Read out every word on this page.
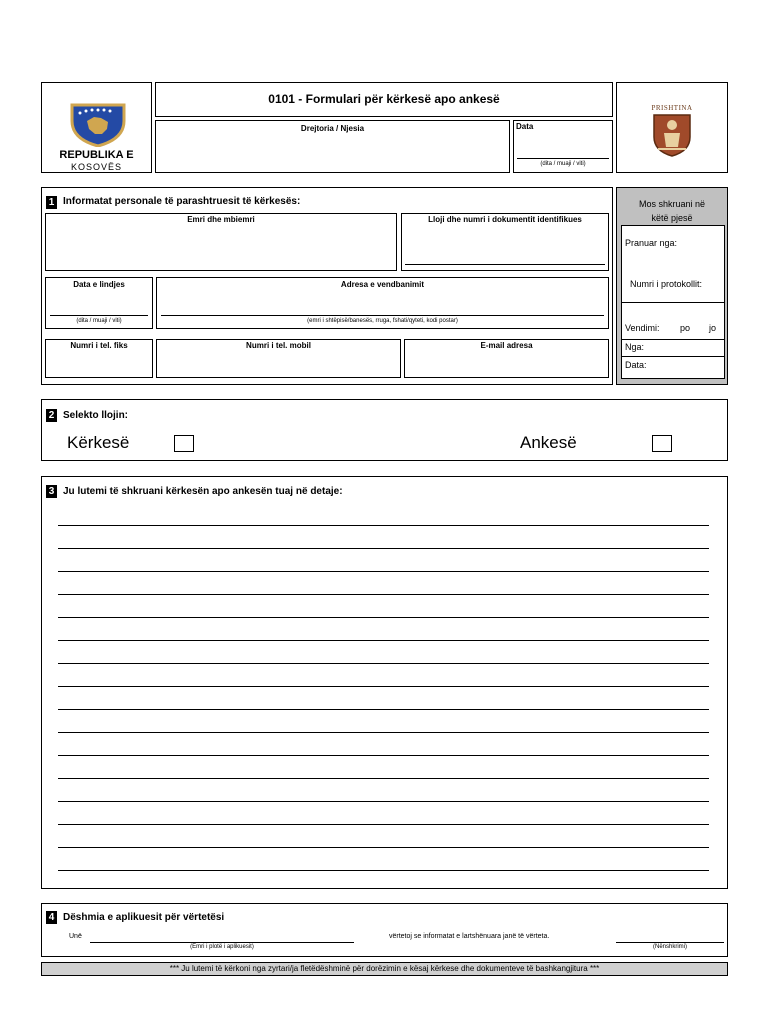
REPUBLIKA E
KOSOVËS
0101 - Formulari për kërkesë apo ankesë
Drejtoria / Njesia	Data
(dita / muaji / viti)
PRISHTINA
1 Informatat personale të parashtruesit të kërkesës:
Emri dhe mbiemri	Lloji dhe numri i dokumentit identifikues
Data e lindjes
(dita / muaji / viti)
Adresa e vendbanimit
(emri i shtëpisë/banesës, rruga, fshati/qyteti, kodi postar)
Numri i tel. fiks	Numri i tel. mobil	E-mail adresa
Mos shkruani në
këtë pjesë
Pranuar nga:
Numri i protokollit:
Vendimi: po jo
Nga:
Data:
2 Selekto llojin:
Kërkesë	Ankesë
3 Ju lutemi të shkruani kërkesën apo ankesën tuaj në detaje:
4 Dëshmia e aplikuesit për vërtetësi
Unë
(Emri i plotë i aplikuesit)
vërtetoj se informatat e lartshënuara janë të vërteta.
(Nënshkrimi)
*** Ju lutemi të kërkoni nga zyrtari/ja fletëdëshminë për dorëzimin e kësaj kërkese dhe dokumenteve të bashkangjitura ***
